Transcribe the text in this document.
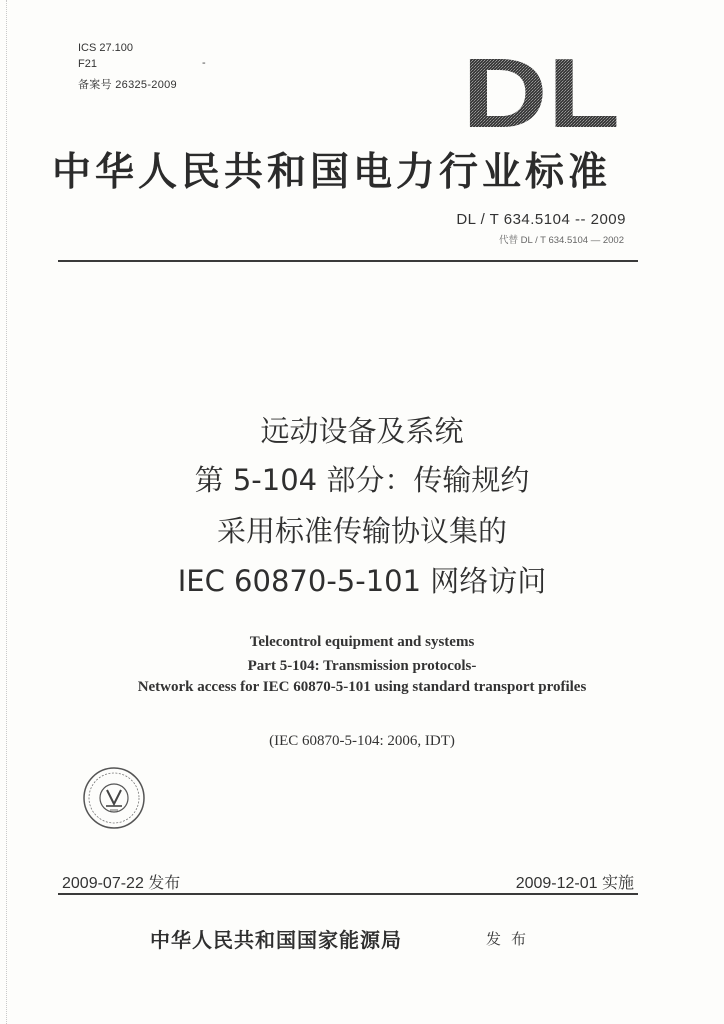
ICS 27.100
F21	-
备案号 26325-2009	DL
中华人民共和国电力行业标准
DL / T 634.5104 -- 2009
代替 DL / T 634.5104 — 2002
远动设备及系统
第 5-104 部分：传输规约
采用标准传输协议集的
IEC 60870-5-101 网络访问
Telecontrol equipment and systems
Part 5-104: Transmission protocols-
Network access for IEC 60870-5-101 using standard transport profiles
(IEC 60870-5-104: 2006, IDT)
2009-07-22 发布	2009-12-01 实施
中华人民共和国国家能源局	发布
